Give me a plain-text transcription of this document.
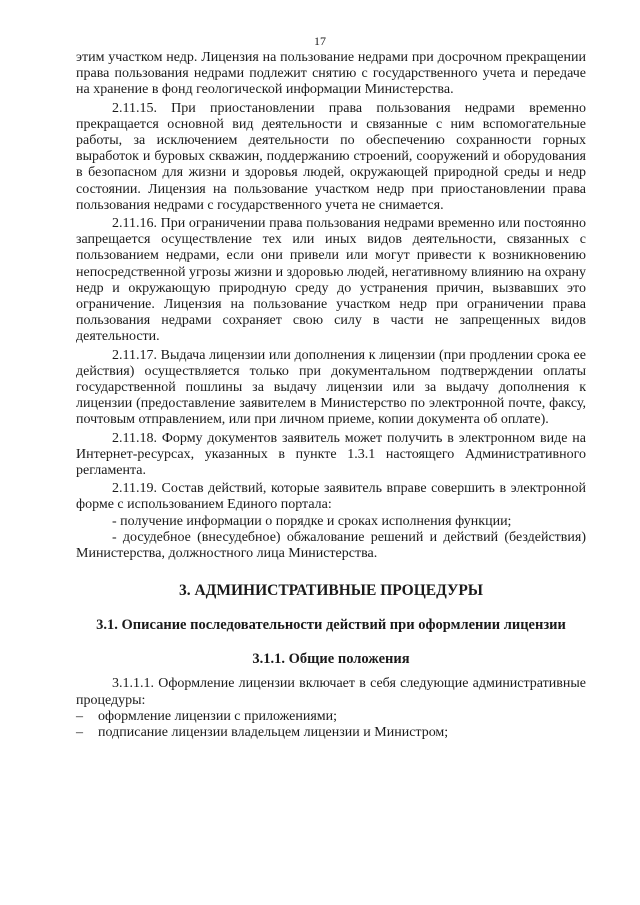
17

этим участком недр. Лицензия на пользование недрами при досрочном прекращении права пользования недрами подлежит снятию с государственного учета и передаче на хранение в фонд геологической информации Министерства.

2.11.15. При приостановлении права пользования недрами временно прекращается основной вид деятельности и связанные с ним вспомогательные работы, за исключением деятельности по обеспечению сохранности горных выработок и буровых скважин, поддержанию строений, сооружений и оборудования в безопасном для жизни и здоровья людей, окружающей природной среды и недр состоянии. Лицензия на пользование участком недр при приостановлении права пользования недрами с государственного учета не снимается.

2.11.16. При ограничении права пользования недрами временно или постоянно запрещается осуществление тех или иных видов деятельности, связанных с пользованием недрами, если они привели или могут привести к возникновению непосредственной угрозы жизни и здоровью людей, негативному влиянию на охрану недр и окружающую природную среду до устранения причин, вызвавших это ограничение. Лицензия на пользование участком недр при ограничении права пользования недрами сохраняет свою силу в части не запрещенных видов деятельности.

2.11.17. Выдача лицензии или дополнения к лицензии (при продлении срока ее действия) осуществляется только при документальном подтверждении оплаты государственной пошлины за выдачу лицензии или за выдачу дополнения к лицензии (предоставление заявителем в Министерство по электронной почте, факсу, почтовым отправлением, или при личном приеме, копии документа об оплате).

2.11.18. Форму документов заявитель может получить в электронном виде на Интернет-ресурсах, указанных в пункте 1.3.1 настоящего Административного регламента.

2.11.19. Состав действий, которые заявитель вправе совершить в электронной форме с использованием Единого портала:

- получение информации о порядке и сроках исполнения функции;

- досудебное (внесудебное) обжалование решений и действий (бездействия) Министерства, должностного лица Министерства.

3. АДМИНИСТРАТИВНЫЕ ПРОЦЕДУРЫ
3.1. Описание последовательности действий при оформлении лицензии
3.1.1. Общие положения

3.1.1.1. Оформление лицензии включает в себя следующие административные процедуры:

– оформление лицензии с приложениями;
– подписание лицензии владельцем лицензии и Министром;
